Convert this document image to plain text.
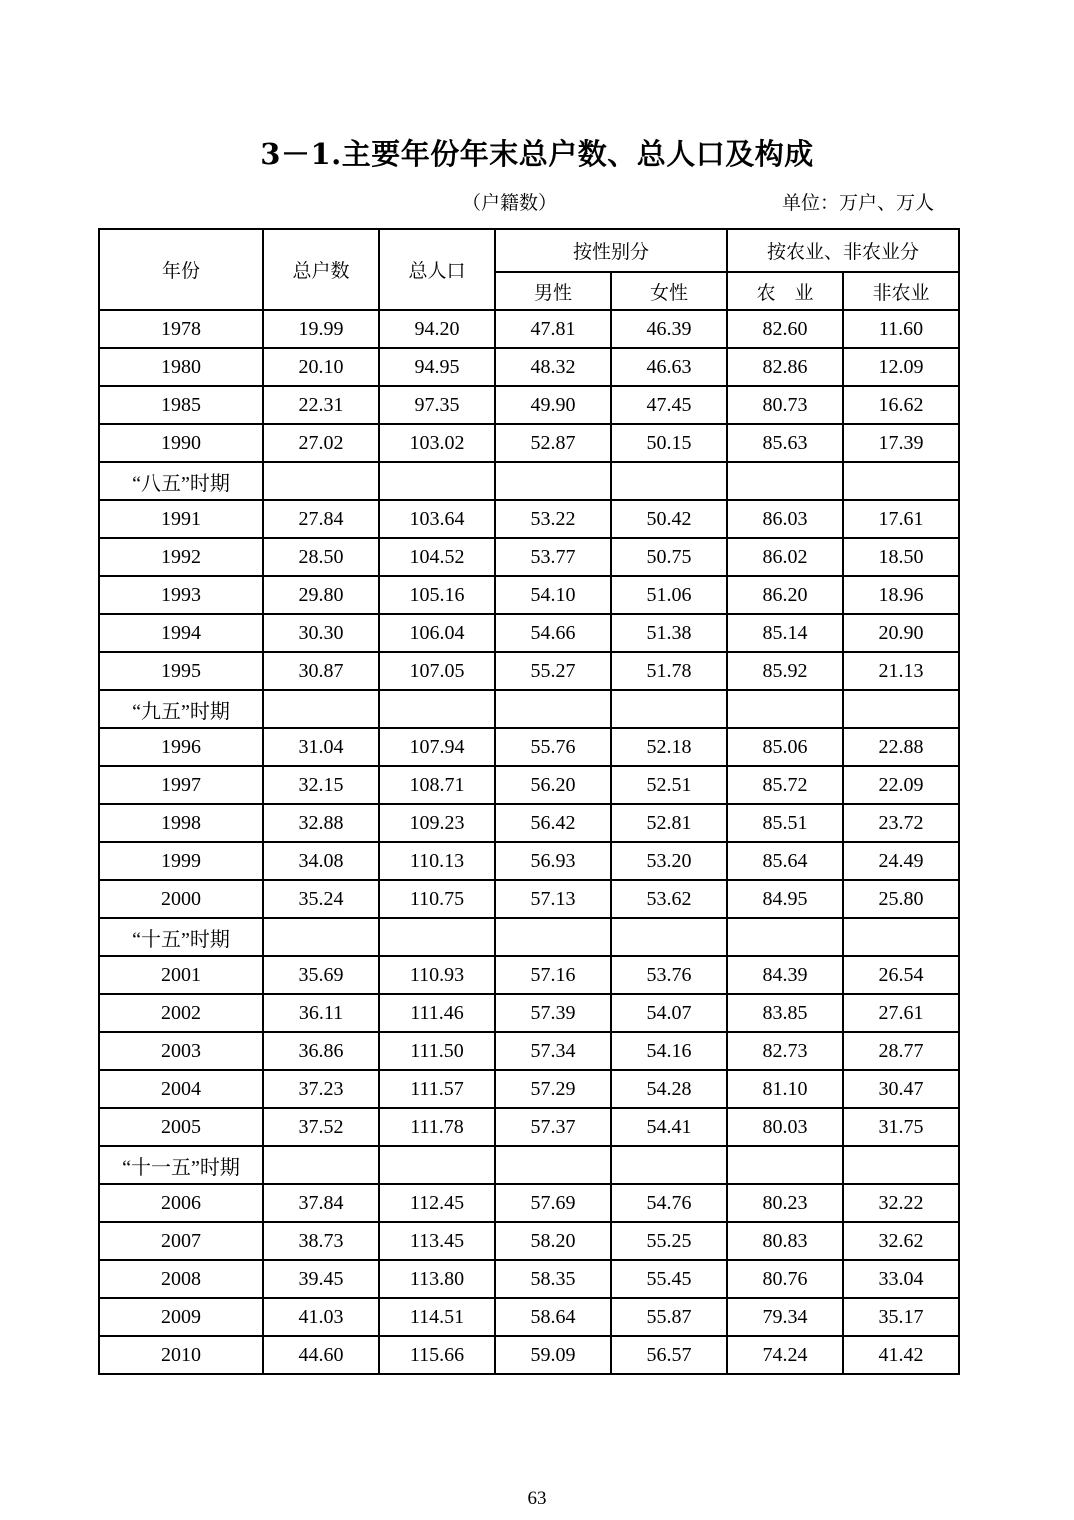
3－1.主要年份年末总户数、总人口及构成
（户籍数）	单位：万户、万人
年份	总户数	总人口	按性别分		按农业、非农业分	
			男性	女性	农　业	非农业
1978	19.99	94.20	47.81	46.39	82.60	11.60
1980	20.10	94.95	48.32	46.63	82.86	12.09
1985	22.31	97.35	49.90	47.45	80.73	16.62
1990	27.02	103.02	52.87	50.15	85.63	17.39
“八五”时期						
1991	27.84	103.64	53.22	50.42	86.03	17.61
1992	28.50	104.52	53.77	50.75	86.02	18.50
1993	29.80	105.16	54.10	51.06	86.20	18.96
1994	30.30	106.04	54.66	51.38	85.14	20.90
1995	30.87	107.05	55.27	51.78	85.92	21.13
“九五”时期						
1996	31.04	107.94	55.76	52.18	85.06	22.88
1997	32.15	108.71	56.20	52.51	85.72	22.09
1998	32.88	109.23	56.42	52.81	85.51	23.72
1999	34.08	110.13	56.93	53.20	85.64	24.49
2000	35.24	110.75	57.13	53.62	84.95	25.80
“十五”时期						
2001	35.69	110.93	57.16	53.76	84.39	26.54
2002	36.11	111.46	57.39	54.07	83.85	27.61
2003	36.86	111.50	57.34	54.16	82.73	28.77
2004	37.23	111.57	57.29	54.28	81.10	30.47
2005	37.52	111.78	57.37	54.41	80.03	31.75
“十一五”时期						
2006	37.84	112.45	57.69	54.76	80.23	32.22
2007	38.73	113.45	58.20	55.25	80.83	32.62
2008	39.45	113.80	58.35	55.45	80.76	33.04
2009	41.03	114.51	58.64	55.87	79.34	35.17
2010	44.60	115.66	59.09	56.57	74.24	41.42
63
